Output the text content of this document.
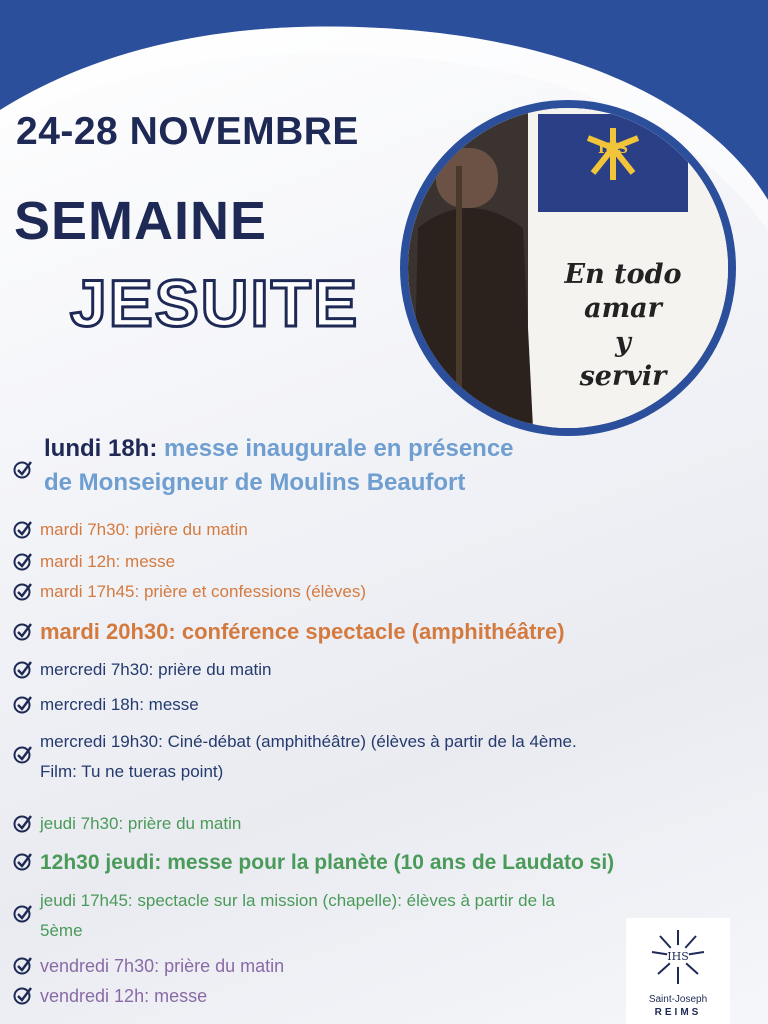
24-28 NOVEMBRE
SEMAINE
JESUITE
IHS
En todo
amar
y
servir
lundi 18h: messe inaugurale en présence
de Monseigneur de Moulins Beaufort
mardi 7h30: prière du matin
mardi 12h: messe
mardi 17h45: prière et confessions (élèves)
mardi 20h30: conférence spectacle (amphithéâtre)
mercredi 7h30: prière du matin
mercredi 18h: messe
mercredi 19h30: Ciné-débat (amphithéâtre) (élèves à partir de la 4ème.
Film: Tu ne tueras point)
jeudi 7h30: prière du matin
12h30 jeudi: messe pour la planète (10 ans de Laudato si)
jeudi 17h45: spectacle sur la mission (chapelle): élèves à partir de la
5ème
vendredi 7h30: prière du matin
vendredi 12h: messe
IHS
Saint-Joseph
REIMS
